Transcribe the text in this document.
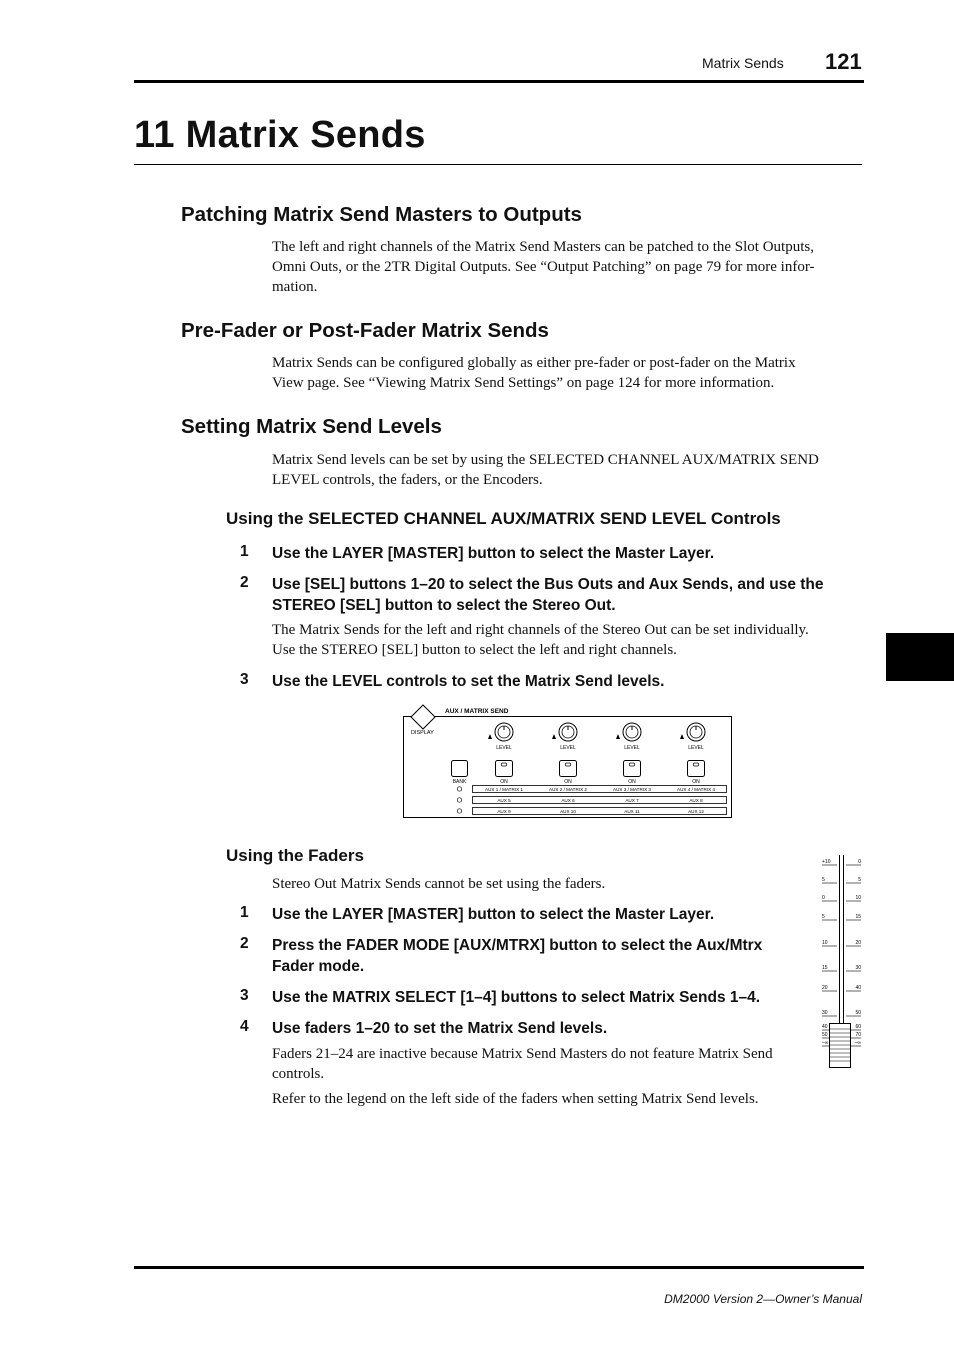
Matrix Sends 121
11 Matrix Sends
Patching Matrix Send Masters to Outputs
The left and right channels of the Matrix Send Masters can be patched to the Slot Outputs,
Omni Outs, or the 2TR Digital Outputs. See “Output Patching” on page 79 for more infor-
mation.
Pre-Fader or Post-Fader Matrix Sends
Matrix Sends can be configured globally as either pre-fader or post-fader on the Matrix
View page. See “Viewing Matrix Send Settings” on page 124 for more information.
Setting Matrix Send Levels
Matrix Send levels can be set by using the SELECTED CHANNEL AUX/MATRIX SEND
LEVEL controls, the faders, or the Encoders.
Using the SELECTED CHANNEL AUX/MATRIX SEND LEVEL Controls
1 Use the LAYER [MASTER] button to select the Master Layer.
2 Use [SEL] buttons 1–20 to select the Bus Outs and Aux Sends, and use the
STEREO [SEL] button to select the Stereo Out.
The Matrix Sends for the left and right channels of the Stereo Out can be set individually.
Use the STEREO [SEL] button to select the left and right channels.
3 Use the LEVEL controls to set the Matrix Send levels.
AUX / MATRIX SEND
DISPLAY
LEVEL	LEVEL	LEVEL	LEVEL
ON	ON	ON	ON
BANK
AUX 1 / MATRIX 1	AUX 2 / MATRIX 2	AUX 3 / MATRIX 3	AUX 4 / MATRIX 4
AUX 5	AUX 6	AUX 7	AUX 8
AUX 9	AUX 10	AUX 11	AUX 12
Using the Faders
Stereo Out Matrix Sends cannot be set using the faders.
1 Use the LAYER [MASTER] button to select the Master Layer.
2 Press the FADER MODE [AUX/MTRX] button to select the Aux/Mtrx
Fader mode.
3 Use the MATRIX SELECT [1–4] buttons to select Matrix Sends 1–4.
4 Use faders 1–20 to set the Matrix Send levels.
Faders 21–24 are inactive because Matrix Send Masters do not feature Matrix Send
controls.
Refer to the legend on the left side of the faders when setting Matrix Send levels.
+10	0
5	5
0	10
5	15
10	20
15	30
20	40
30	50
40	60
50	70
–∞	–∞
DM2000 Version 2—Owner’s Manual
